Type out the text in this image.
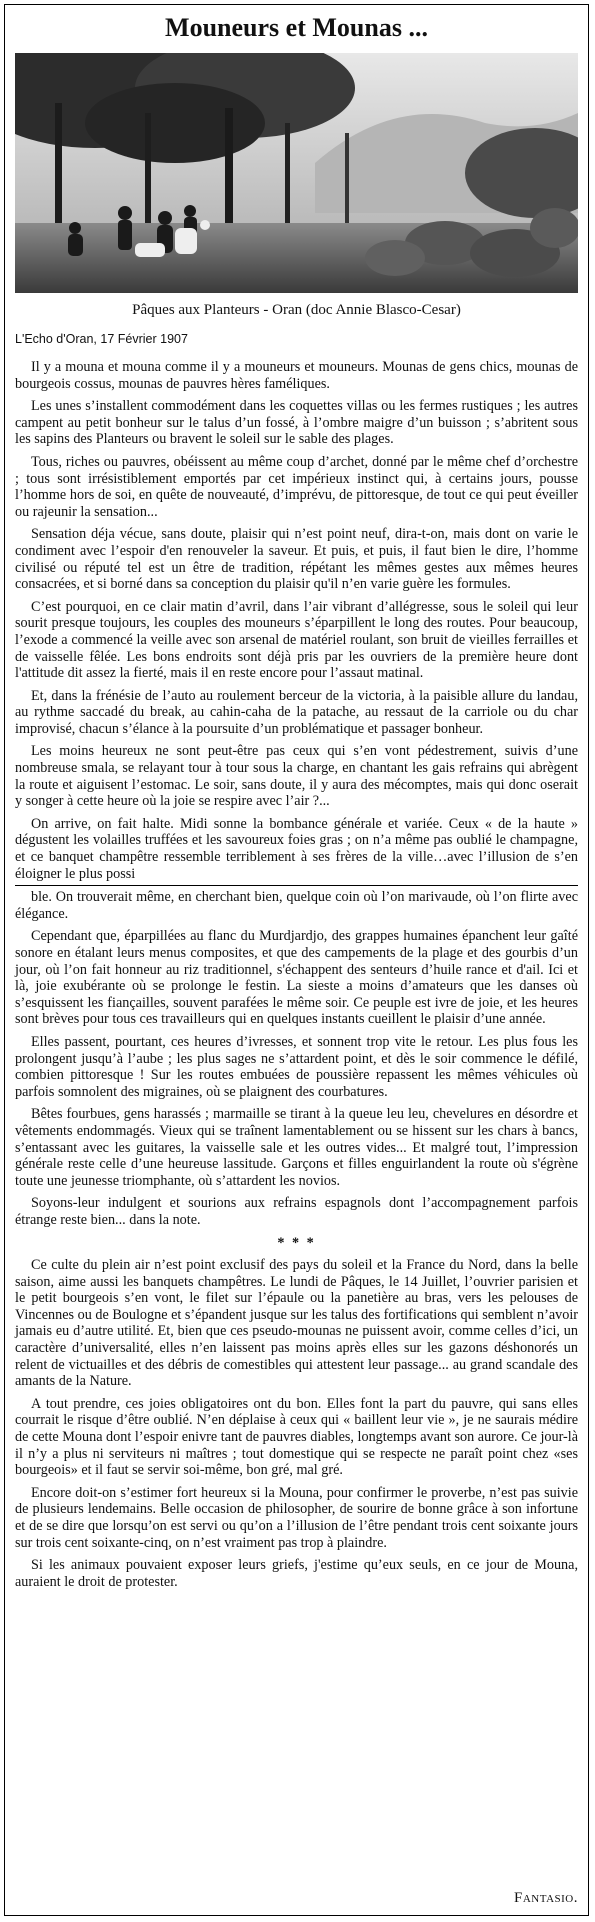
Mouneurs et Mounas ...
Pâques aux Planteurs - Oran (doc Annie Blasco-Cesar)
L'Echo d'Oran, 17 Février 1907

Il y a mouna et mouna comme il y a mouneurs et mouneurs. Mounas de gens chics, mounas de bourgeois cossus, mounas de pauvres hères faméliques.

Les unes s’installent commodément dans les coquettes villas ou les fermes rustiques ; les autres campent au petit bonheur sur le talus d’un fossé, à l’ombre maigre d’un buisson ; s’abritent sous les sapins des Planteurs ou bravent le soleil sur le sable des plages.

Tous, riches ou pauvres, obéissent au même coup d’archet, donné par le même chef d’orchestre ; tous sont irrésistiblement emportés par cet impérieux instinct qui, à certains jours, pousse l’homme hors de soi, en quête de nouveauté, d’imprévu, de pittoresque, de tout ce qui peut éveiller ou rajeunir la sensation...

Sensation déja vécue, sans doute, plaisir qui n’est point neuf, dira-t-on, mais dont on varie le condiment avec l’espoir d'en renouveler la saveur. Et puis, et puis, il faut bien le dire, l’homme civilisé ou réputé tel est un être de tradition, répétant les mêmes gestes aux mêmes heures consacrées, et si borné dans sa conception du plaisir qu'il n’en varie guère les formules.

C’est pourquoi, en ce clair matin d’avril, dans l’air vibrant d’allégresse, sous le soleil qui leur sourit presque toujours, les couples des mouneurs s’éparpillent le long des routes. Pour beaucoup, l’exode a commencé la veille avec son arsenal de matériel roulant, son bruit de vieilles ferrailles et de vaisselle fêlée. Les bons endroits sont déjà pris par les ouvriers de la première heure dont l'attitude dit assez la fierté, mais il en reste encore pour l’assaut matinal.

Et, dans la frénésie de l’auto au roulement berceur de la victoria, à la paisible allure du landau, au rythme saccadé du break, au cahin-caha de la patache, au ressaut de la carriole ou du char improvisé, chacun s’élance à la poursuite d’un problématique et passager bonheur.

Les moins heureux ne sont peut-être pas ceux qui s’en vont pédestrement, suivis d’une nombreuse smala, se relayant tour à tour sous la charge, en chantant les gais refrains qui abrègent la route et aiguisent l’estomac. Le soir, sans doute, il y aura des mécomptes, mais qui donc oserait y songer à cette heure où la joie se respire avec l’air ?...

On arrive, on fait halte. Midi sonne la bombance générale et variée. Ceux « de la haute » dégustent les volailles truffées et les savoureux foies gras ; on n’a même pas oublié le champagne, et ce banquet champêtre ressemble terriblement à ses frères de la ville…avec l’illusion de s’en éloigner le plus possi

ble. On trouverait même, en cherchant bien, quelque coin où l’on marivaude, où l’on flirte avec élégance.

Cependant que, éparpillées au flanc du Murdjardjo, des grappes humaines épanchent leur gaîté sonore en étalant leurs menus composites, et que des campements de la plage et des gourbis d’un jour, où l’on fait honneur au riz traditionnel, s'échappent des senteurs d’huile rance et d'ail. Ici et là, joie exubérante où se prolonge le festin. La sieste a moins d’amateurs que les danses où s’esquissent les fiançailles, souvent parafées le même soir. Ce peuple est ivre de joie, et les heures sont brèves pour tous ces travailleurs qui en quelques instants cueillent le plaisir d’une année.

Elles passent, pourtant, ces heures d’ivresses, et sonnent trop vite le retour. Les plus fous les prolongent jusqu’à l’aube ; les plus sages ne s’attardent point, et dès le soir commence le défilé, combien pittoresque ! Sur les routes embuées de poussière repassent les mêmes véhicules où parfois somnolent des migraines, où se plaignent des courbatures.

Bêtes fourbues, gens harassés ; marmaille se tirant à la queue leu leu, chevelures en désordre et vêtements endommagés. Vieux qui se traînent lamentablement ou se hissent sur les chars à bancs, s’entassant avec les guitares, la vaisselle sale et les outres vides... Et malgré tout, l’impression générale reste celle d’une heureuse lassitude. Garçons et filles enguirlandent la route où s'égrène toute une jeunesse triomphante, où s’attardent les novios.

Soyons-leur indulgent et sourions aux refrains espagnols dont l’accompagnement parfois étrange reste bien... dans la note.

* * *

Ce culte du plein air n’est point exclusif des pays du soleil et la France du Nord, dans la belle saison, aime aussi les banquets champêtres. Le lundi de Pâques, le 14 Juillet, l’ouvrier parisien et le petit bourgeois s’en vont, le filet sur l’épaule ou la panetière au bras, vers les pelouses de Vincennes ou de Boulogne et s’épandent jusque sur les talus des fortifications qui semblent n’avoir jamais eu d’autre utilité. Et, bien que ces pseudo-mounas ne puissent avoir, comme celles d’ici, un caractère d’universalité, elles n’en laissent pas moins après elles sur les gazons déshonorés un relent de victuailles et des débris de comestibles qui attestent leur passage... au grand scandale des amants de la Nature.

A tout prendre, ces joies obligatoires ont du bon. Elles font la part du pauvre, qui sans elles courrait le risque d’être oublié. N’en déplaise à ceux qui « baillent leur vie », je ne saurais médire de cette Mouna dont l’espoir enivre tant de pauvres diables, longtemps avant son aurore. Ce jour-là il n’y a plus ni serviteurs ni maîtres ; tout domestique qui se respecte ne paraît point chez «ses bourgeois» et il faut se servir soi-même, bon gré, mal gré.

Encore doit-on s’estimer fort heureux si la Mouna, pour confirmer le proverbe, n’est pas suivie de plusieurs lendemains. Belle occasion de philosopher, de sourire de bonne grâce à son infortune et de se dire que lorsqu’on est servi ou qu’on a l’illusion de l’être pendant trois cent soixante jours sur trois cent soixante-cinq, on n’est vraiment pas trop à plaindre.

Si les animaux pouvaient exposer leurs griefs, j'estime qu’eux seuls, en ce jour de Mouna, auraient le droit de protester.

Fantasio.
